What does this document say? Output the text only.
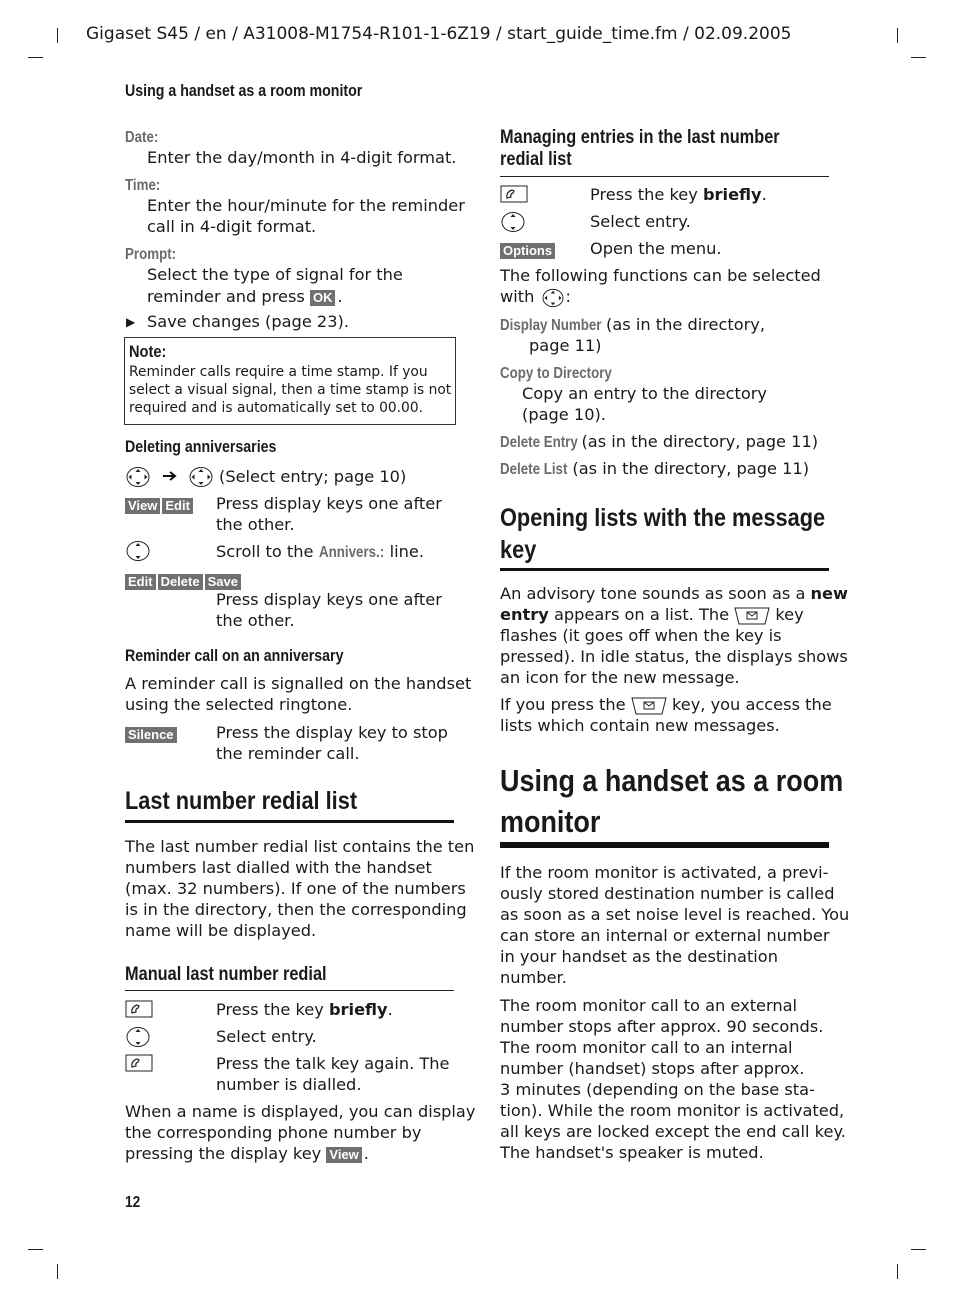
Gigaset S45 / en / A31008-M1754-R101-1-6Z19 / start_guide_time.fm / 02.09.2005
Using a handset as a room monitor
Date:
Enter the day/month in 4-digit format.
Time:
Enter the hour/minute for the reminder
call in 4-digit format.
Prompt:
Select the type of signal for the
reminder and press OK .
▶ Save changes (page 23).
Note:
Reminder calls require a time stamp. If you
select a visual signal, then a time stamp is not
required and is automatically set to 00.00.
Deleting anniversaries
(Select entry; page 10)
View Edit	Press display keys one after
the other.
Scroll to the Annivers.: line.
Edit Delete Save
Press display keys one after
the other.
Reminder call on an anniversary
A reminder call is signalled on the handset
using the selected ringtone.
Silence	Press the display key to stop
the reminder call.
Last number redial list
The last number redial list contains the ten
numbers last dialled with the handset
(max. 32 numbers). If one of the numbers
is in the directory, then the corresponding
name will be displayed.
Manual last number redial
Press the key briefly.
Select entry.
Press the talk key again. The
number is dialled.
When a name is displayed, you can display
the corresponding phone number by
pressing the display key View .
12
Managing entries in the last number
redial list
Press the key briefly.
Select entry.
Options	Open the menu.
The following functions can be selected
with :
Display Number (as in the directory,
page 11)
Copy to Directory
Copy an entry to the directory
(page 10).
Delete Entry (as in the directory, page 11)
Delete List (as in the directory, page 11)
Opening lists with the message
key
An advisory tone sounds as soon as a new
entry appears on a list. The	key
flashes (it goes off when the key is
pressed). In idle status, the displays shows
an icon for the new message.
If you press the	key, you access the
lists which contain new messages.
Using a handset as a room
monitor
If the room monitor is activated, a previ-
ously stored destination number is called
as soon as a set noise level is reached. You
can store an internal or external number
in your handset as the destination
number.
The room monitor call to an external
number stops after approx. 90 seconds.
The room monitor call to an internal
number (handset) stops after approx.
3 minutes (depending on the base sta-
tion). While the room monitor is activated,
all keys are locked except the end call key.
The handset's speaker is muted.
